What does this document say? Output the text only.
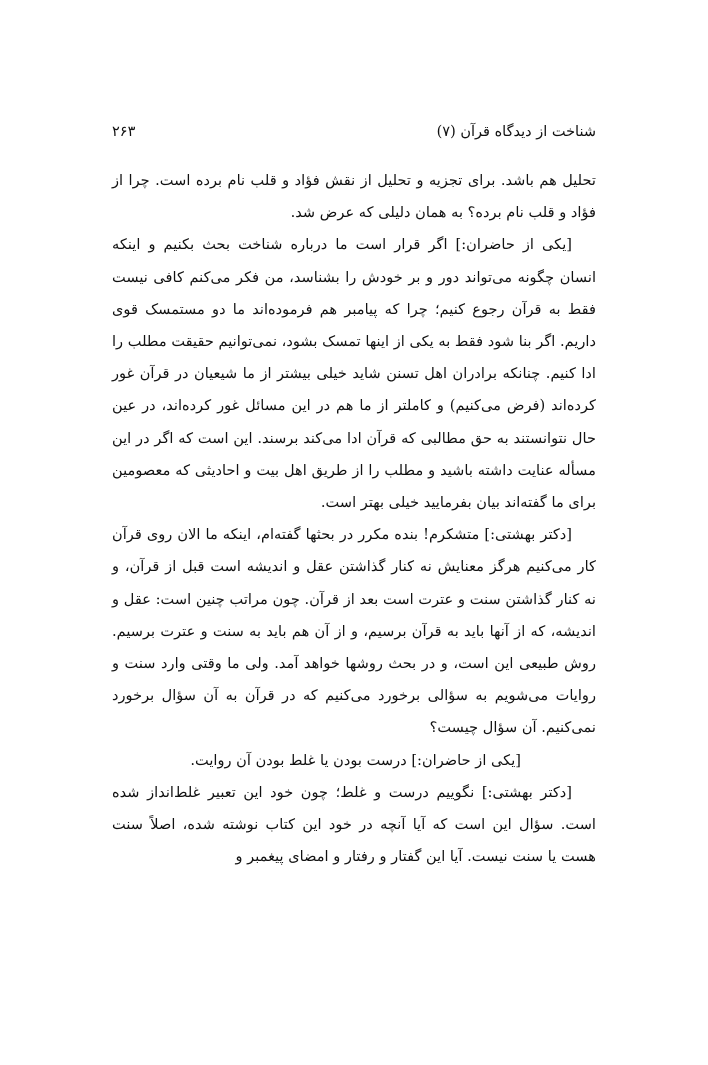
شناخت از دیدگاه قرآن (۷)
۲۶۳

تحلیل هم باشد. برای تجزیه و تحلیل از نقش فؤاد و قلب نام برده است. چرا از فؤاد و قلب نام برده؟ به همان دلیلی که عرض شد.

[یکی از حاضران:] اگر قرار است ما درباره شناخت بحث بکنیم و اینکه انسان چگونه می‌تواند دور و بر خودش را بشناسد، من فکر می‌کنم کافی نیست فقط به قرآن رجوع کنیم؛ چرا که پیامبر هم فرموده‌اند ما دو مستمسک قوی داریم. اگر بنا شود فقط به یکی از اینها تمسک بشود، نمی‌توانیم حقیقت مطلب را ادا کنیم. چنانکه برادران اهل تسنن شاید خیلی بیشتر از ما شیعیان در قرآن غور کرده‌اند (فرض می‌کنیم) و کاملتر از ما هم در این مسائل غور کرده‌اند، در عین حال نتوانستند به حق مطالبی که قرآن ادا می‌کند برسند. این است که اگر در این مسأله عنایت داشته باشید و مطلب را از طریق اهل بیت و احادیثی که معصومین برای ما گفته‌اند بیان بفرمایید خیلی بهتر است.

[دکتر بهشتی:] متشکرم! بنده مکرر در بحثها گفته‌ام، اینکه ما الان روی قرآن کار می‌کنیم هرگز معنایش نه کنار گذاشتن عقل و اندیشه است قبل از قرآن، و نه کنار گذاشتن سنت و عترت است بعد از قرآن. چون مراتب چنین است: عقل و اندیشه، که از آنها باید به قرآن برسیم، و از آن هم باید به سنت و عترت برسیم. روش طبیعی این است، و در بحث روشها خواهد آمد. ولی ما وقتی وارد سنت و روایات می‌شویم به سؤالی برخورد می‌کنیم که در قرآن به آن سؤال برخورد نمی‌کنیم. آن سؤال چیست؟

[یکی از حاضران:] درست بودن یا غلط بودن آن روایت.

[دکتر بهشتی:] نگوییم درست و غلط؛ چون خود این تعبیر غلط‌انداز شده است. سؤال این است که آیا آنچه در خود این کتاب نوشته شده، اصلاً سنت هست یا سنت نیست. آیا این گفتار و رفتار و امضای پیغمبر و
